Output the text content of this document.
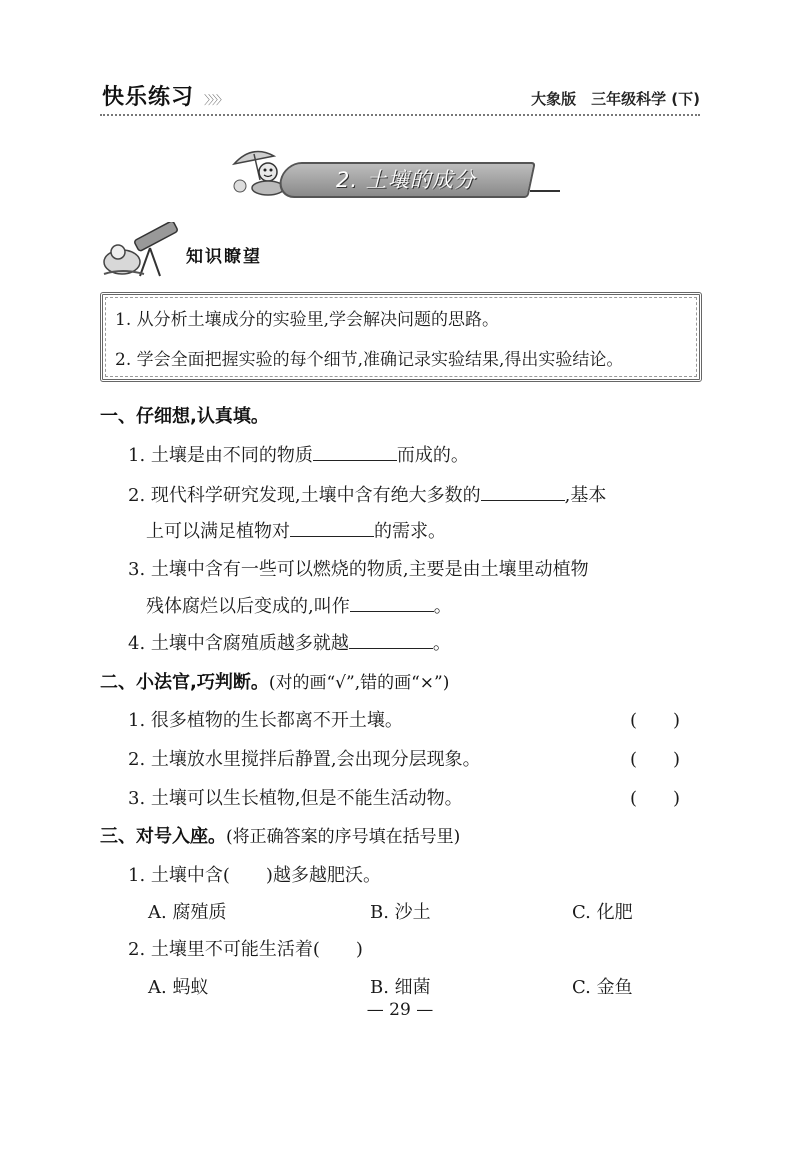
快乐练习 〉〉〉〉	大象版　三年级科学 (下)
2. 土壤的成分
知识瞭望
1. 从分析土壤成分的实验里,学会解决问题的思路。
2. 学会全面把握实验的每个细节,准确记录实验结果,得出实验结论。
一、仔细想,认真填。
1. 土壤是由不同的物质	而成的。
2. 现代科学研究发现,土壤中含有绝大多数的	,基本
上可以满足植物对	的需求。
3. 土壤中含有一些可以燃烧的物质,主要是由土壤里动植物
残体腐烂以后变成的,叫作	。
4. 土壤中含腐殖质越多就越	。
二、小法官,巧判断。(对的画“√”,错的画“×”)
1. 很多植物的生长都离不开土壤。	(　　)
2. 土壤放水里搅拌后静置,会出现分层现象。	(　　)
3. 土壤可以生长植物,但是不能生活动物。	(　　)
三、对号入座。(将正确答案的序号填在括号里)
1. 土壤中含(　　)越多越肥沃。
A. 腐殖质	B. 沙土	C. 化肥
2. 土壤里不可能生活着(　　)
A. 蚂蚁	B. 细菌	C. 金鱼
— 29 —
